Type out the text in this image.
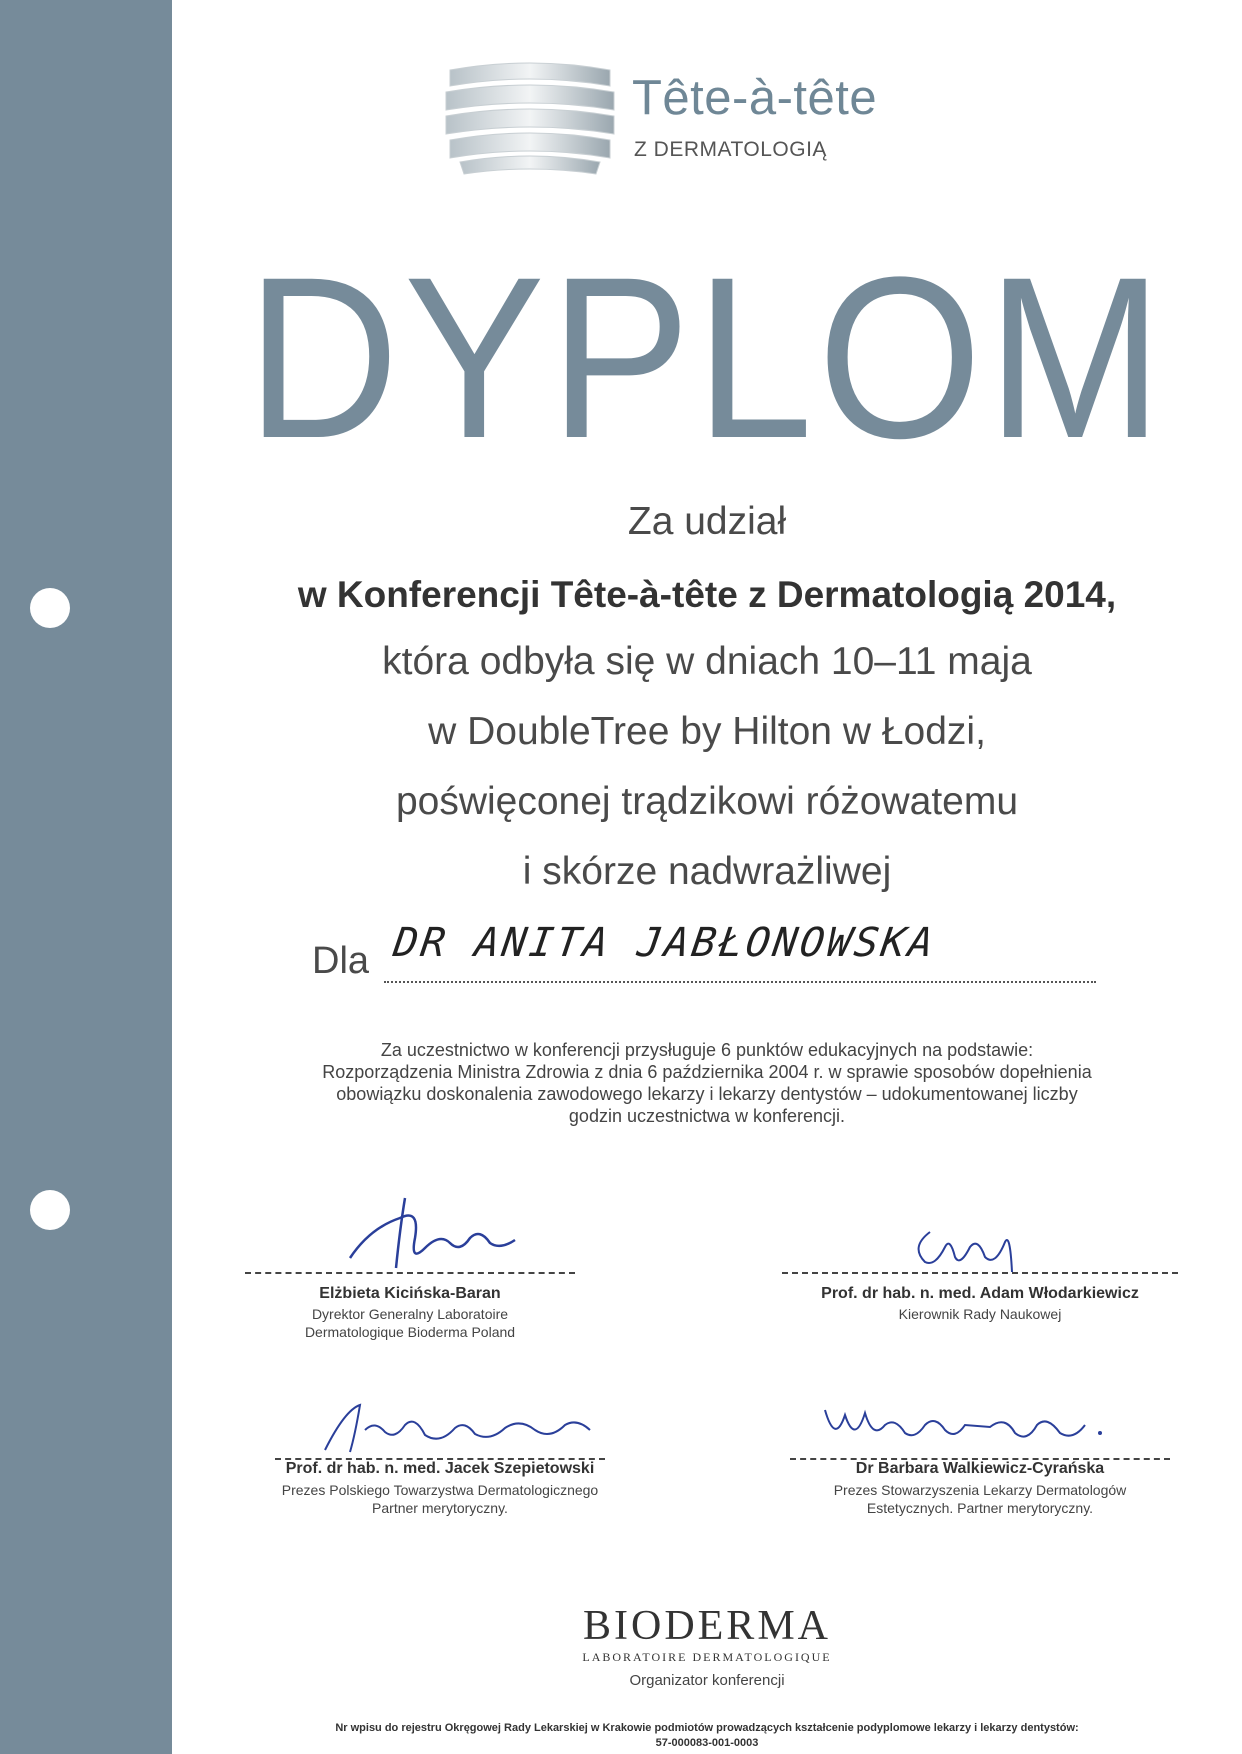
Tête-à-tête
Z DERMATOLOGIĄ
DYPLOM
Za udział
w Konferencji Tête-à-tête z Dermatologią 2014,
która odbyła się w dniach 10–11 maja
w DoubleTree by Hilton w Łodzi,
poświęconej trądzikowi różowatemu
i skórze nadwrażliwej
Dla DR ANITA JABŁONOWSKA
Za uczestnictwo w konferencji przysługuje 6 punktów edukacyjnych na podstawie:
Rozporządzenia Ministra Zdrowia z dnia 6 października 2004 r. w sprawie sposobów dopełnienia
obowiązku doskonalenia zawodowego lekarzy i lekarzy dentystów – udokumentowanej liczby
godzin uczestnictwa w konferencji.
Elżbieta Kicińska-Baran
Dyrektor Generalny Laboratoire
Dermatologique Bioderma Poland
Prof. dr hab. n. med. Adam Włodarkiewicz
Kierownik Rady Naukowej
Prof. dr hab. n. med. Jacek Szepietowski
Prezes Polskiego Towarzystwa Dermatologicznego
Partner merytoryczny.
Dr Barbara Walkiewicz-Cyrańska
Prezes Stowarzyszenia Lekarzy Dermatologów
Estetycznych. Partner merytoryczny.
BIODERMA
LABORATOIRE DERMATOLOGIQUE
Organizator konferencji
Nr wpisu do rejestru Okręgowej Rady Lekarskiej w Krakowie podmiotów prowadzących kształcenie podyplomowe lekarzy i lekarzy dentystów:
57-000083-001-0003
